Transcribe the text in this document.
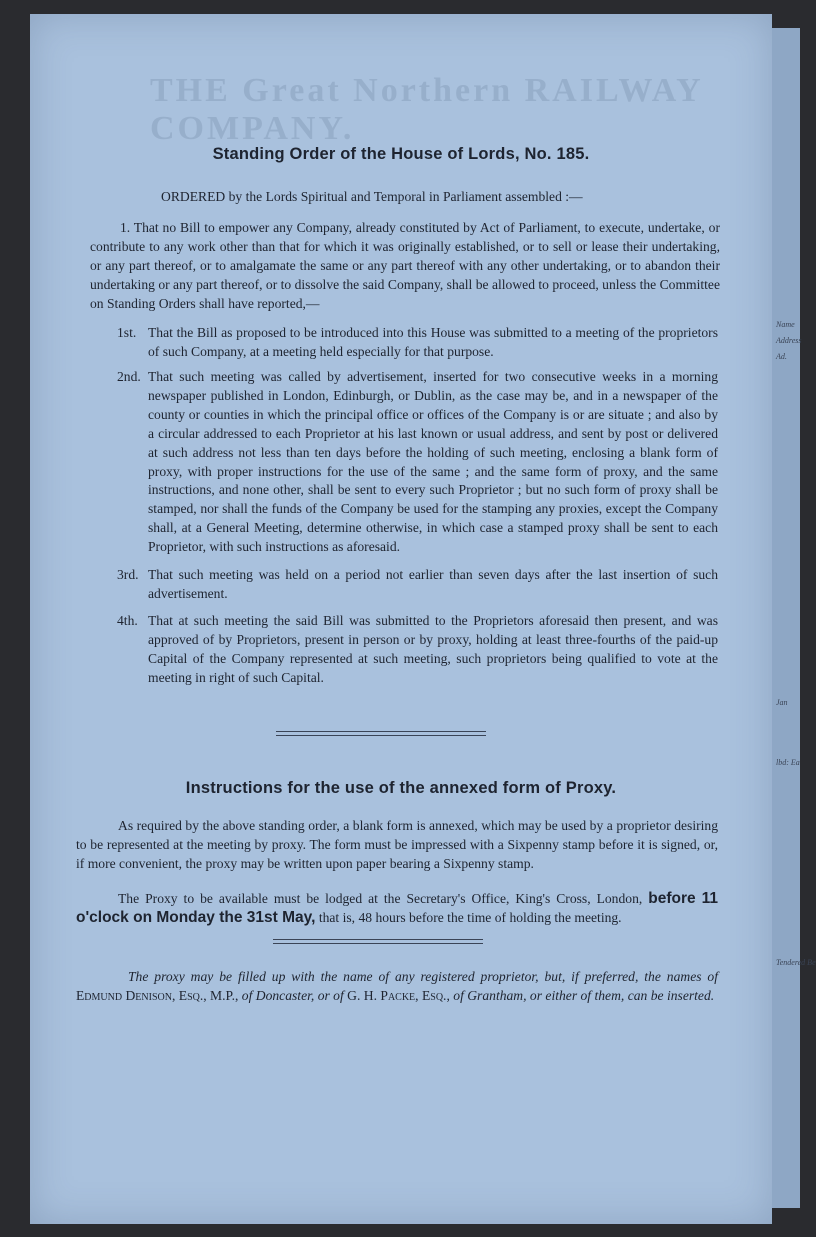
THE Great Northern RAILWAY COMPANY.
Standing Order of the House of Lords, No. 185.
ORDERED by the Lords Spiritual and Temporal in Parliament assembled :—
1. That no Bill to empower any Company, already constituted by Act of Parliament, to execute, undertake, or contribute to any work other than that for which it was originally established, or to sell or lease their undertaking, or any part thereof, or to amalgamate the same or any part thereof with any other undertaking, or to abandon their undertaking or any part thereof, or to dissolve the said Company, shall be allowed to proceed, unless the Committee on Standing Orders shall have reported,—
1st. That the Bill as proposed to be introduced into this House was submitted to a meeting of the proprietors of such Company, at a meeting held especially for that purpose.
2nd. That such meeting was called by advertisement, inserted for two consecutive weeks in a morning newspaper published in London, Edinburgh, or Dublin, as the case may be, and in a newspaper of the county or counties in which the principal office or offices of the Company is or are situate ; and also by a circular addressed to each Proprietor at his last known or usual address, and sent by post or delivered at such address not less than ten days before the holding of such meeting, enclosing a blank form of proxy, with proper instructions for the use of the same ; and the same form of proxy, and the same instructions, and none other, shall be sent to every such Proprietor ; but no such form of proxy shall be stamped, nor shall the funds of the Company be used for the stamping any proxies, except the Company shall, at a General Meeting, determine otherwise, in which case a stamped proxy shall be sent to each Proprietor, with such instructions as aforesaid.
3rd. That such meeting was held on a period not earlier than seven days after the last insertion of such advertisement.
4th. That at such meeting the said Bill was submitted to the Proprietors aforesaid then present, and was approved of by Proprietors, present in person or by proxy, holding at least three-fourths of the paid-up Capital of the Company represented at such meeting, such proprietors being qualified to vote at the meeting in right of such Capital.
Instructions for the use of the annexed form of Proxy.
As required by the above standing order, a blank form is annexed, which may be used by a proprietor desiring to be represented at the meeting by proxy. The form must be impressed with a Sixpenny stamp before it is signed, or, if more convenient, the proxy may be written upon paper bearing a Sixpenny stamp.
The Proxy to be available must be lodged at the Secretary's Office, King's Cross, London, before 11 o'clock on Monday the 31st May, that is, 48 hours before the time of holding the meeting.
The proxy may be filled up with the name of any registered proprietor, but, if preferred, the names of Edmund Denison, Esq., M.P., of Doncaster, or of G. H. Packe, Esq., of Grantham, or either of them, can be inserted.
Name
Address
Ad.
Jan
lbd: Ea
Tendered Be
